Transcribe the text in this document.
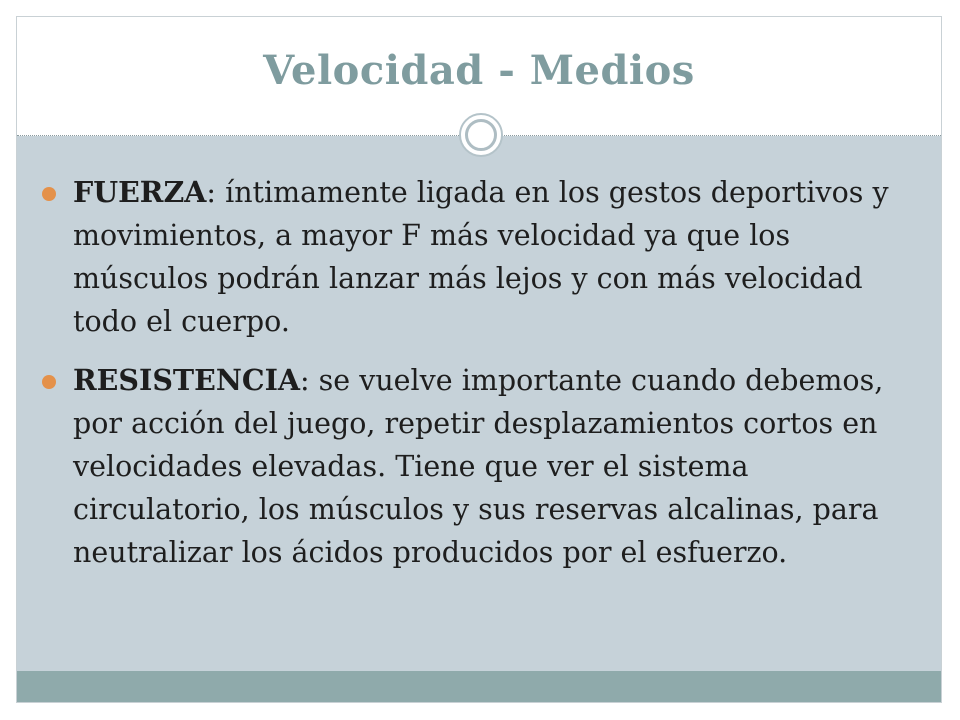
Velocidad - Medios
FUERZA: íntimamente ligada en los gestos deportivos y movimientos, a mayor F más velocidad ya que los músculos podrán lanzar más lejos y con más velocidad todo el cuerpo.
RESISTENCIA: se vuelve importante cuando debemos, por acción del juego, repetir desplazamientos cortos en velocidades elevadas. Tiene que ver el sistema circulatorio, los músculos y sus reservas alcalinas, para neutralizar los ácidos producidos por el esfuerzo.
